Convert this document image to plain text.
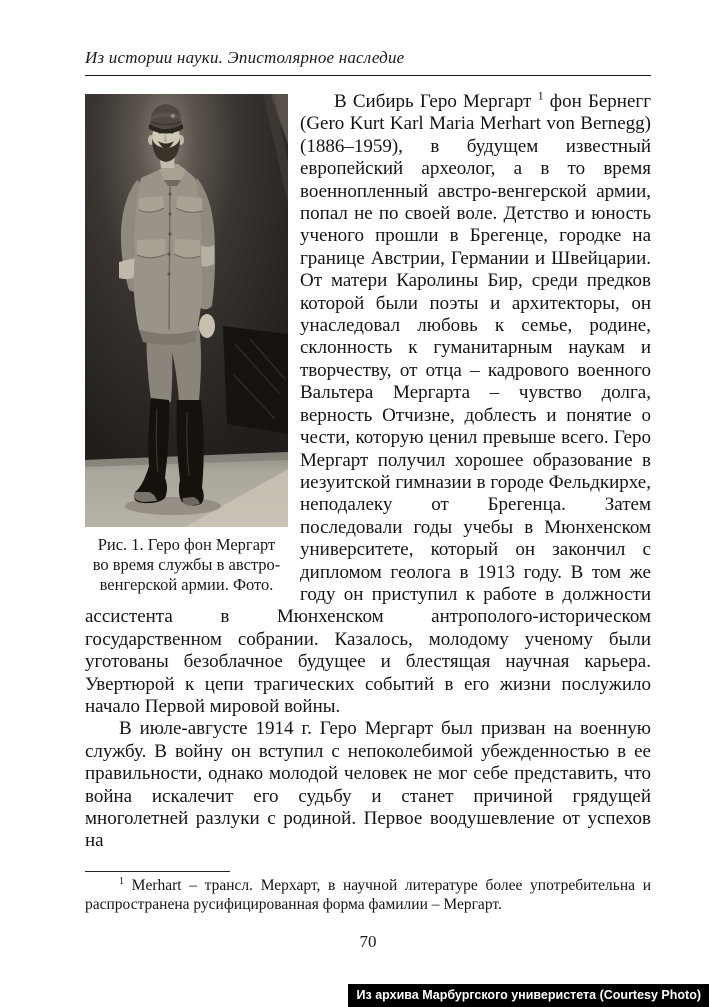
Из истории науки. Эпистолярное наследие
Рис. 1. Геро фон Мергарт
во время службы в австро-
венгерской армии. Фото.

В Сибирь Геро Мергарт $^1$ фон Бернегг (Gero Kurt Karl Maria Merhart von Bernegg) (1886–1959), в будущем известный европейский археолог, а в то время военнопленный австро-венгерской армии, попал не по своей воле. Детство и юность ученого прошли в Брегенце, городке на границе Австрии, Германии и Швейцарии. От матери Каролины Бир, среди предков которой были поэты и архитекторы, он унаследовал любовь к семье, родине, склонность к гуманитарным наукам и творчеству, от отца – кадрового военного Вальтера Мергарта – чувство долга, верность Отчизне, доблесть и понятие о чести, которую ценил превыше всего. Геро Мергарт получил хорошее образование в иезуитской гимназии в городе Фельдкирхе, неподалеку от Брегенца. Затем последовали годы учебы в Мюнхенском университете, который он закончил с дипломом геолога в 1913 году. В том же году он приступил к работе в должности ассистента в Мюнхенском антрополого-историческом государственном собрании. Казалось, молодому ученому были уготованы безоблачное будущее и блестящая научная карьера. Увертюрой к цепи трагических событий в его жизни послужило начало Первой мировой войны.

В июле-августе 1914 г. Геро Мергарт был призван на военную службу. В войну он вступил с непоколебимой убежденностью в ее правильности, однако молодой человек не мог себе представить, что война искалечит его судьбу и станет причиной грядущей многолетней разлуки с родиной. Первое воодушевление от успехов на

$^1$ Merhart – трансл. Мерхарт, в научной литературе более употребительна и распространена русифицированная форма фамилии – Мергарт.

70
Из архива Марбургского универистета (Courtesy Photo)
